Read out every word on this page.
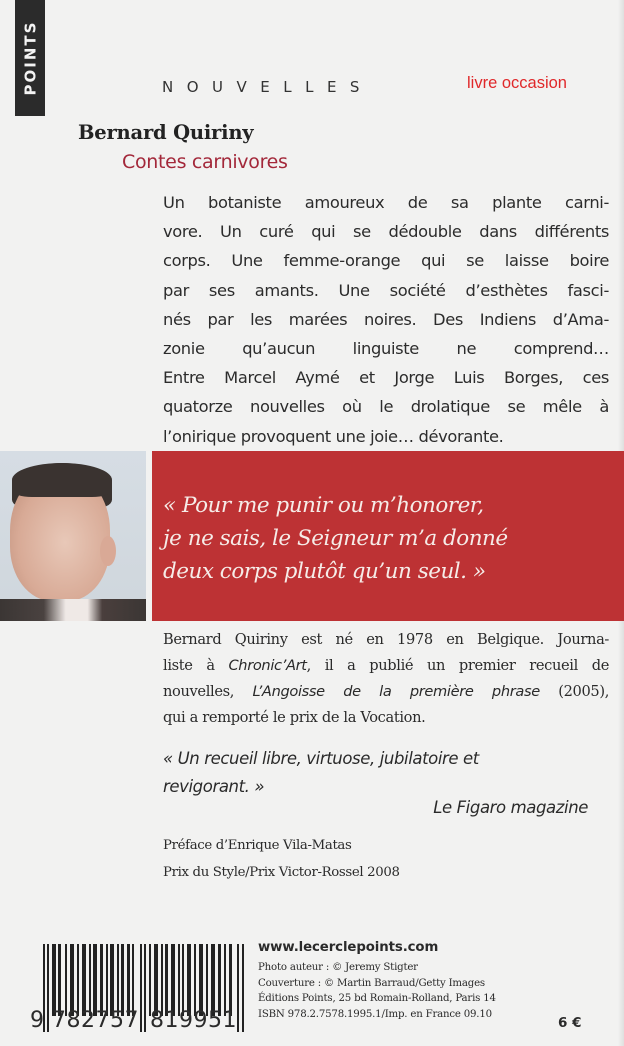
POINTS	NOUVELLES	livre occasion
Bernard Quiriny
Contes carnivores
Un botaniste amoureux de sa plante carni-
vore. Un curé qui se dédouble dans différents
corps. Une femme-orange qui se laisse boire
par ses amants. Une société d’esthètes fasci-
nés par les marées noires. Des Indiens d’Ama-
zonie qu’aucun linguiste ne comprend…
Entre Marcel Aymé et Jorge Luis Borges, ces
quatorze nouvelles où le drolatique se mêle à
l’onirique provoquent une joie… dévorante.

« Pour me punir ou m’honorer,
je ne sais, le Seigneur m’a donné
deux corps plutôt qu’un seul. »

Bernard Quiriny est né en 1978 en Belgique. Journa-
liste à Chronic’Art, il a publié un premier recueil de
nouvelles, L’Angoisse de la première phrase (2005),
qui a remporté le prix de la Vocation.
« Un recueil libre, virtuose, jubilatoire et
revigorant. »
Le Figaro magazine
Préface d’Enrique Vila-Matas
Prix du Style/Prix Victor-Rossel 2008
9 782757 819951
www.lecerclepoints.com
Photo auteur : © Jeremy Stigter
Couverture : © Martin Barraud/Getty Images
Éditions Points, 25 bd Romain-Rolland, Paris 14
ISBN 978.2.7578.1995.1/Imp. en France 09.10
6 €
